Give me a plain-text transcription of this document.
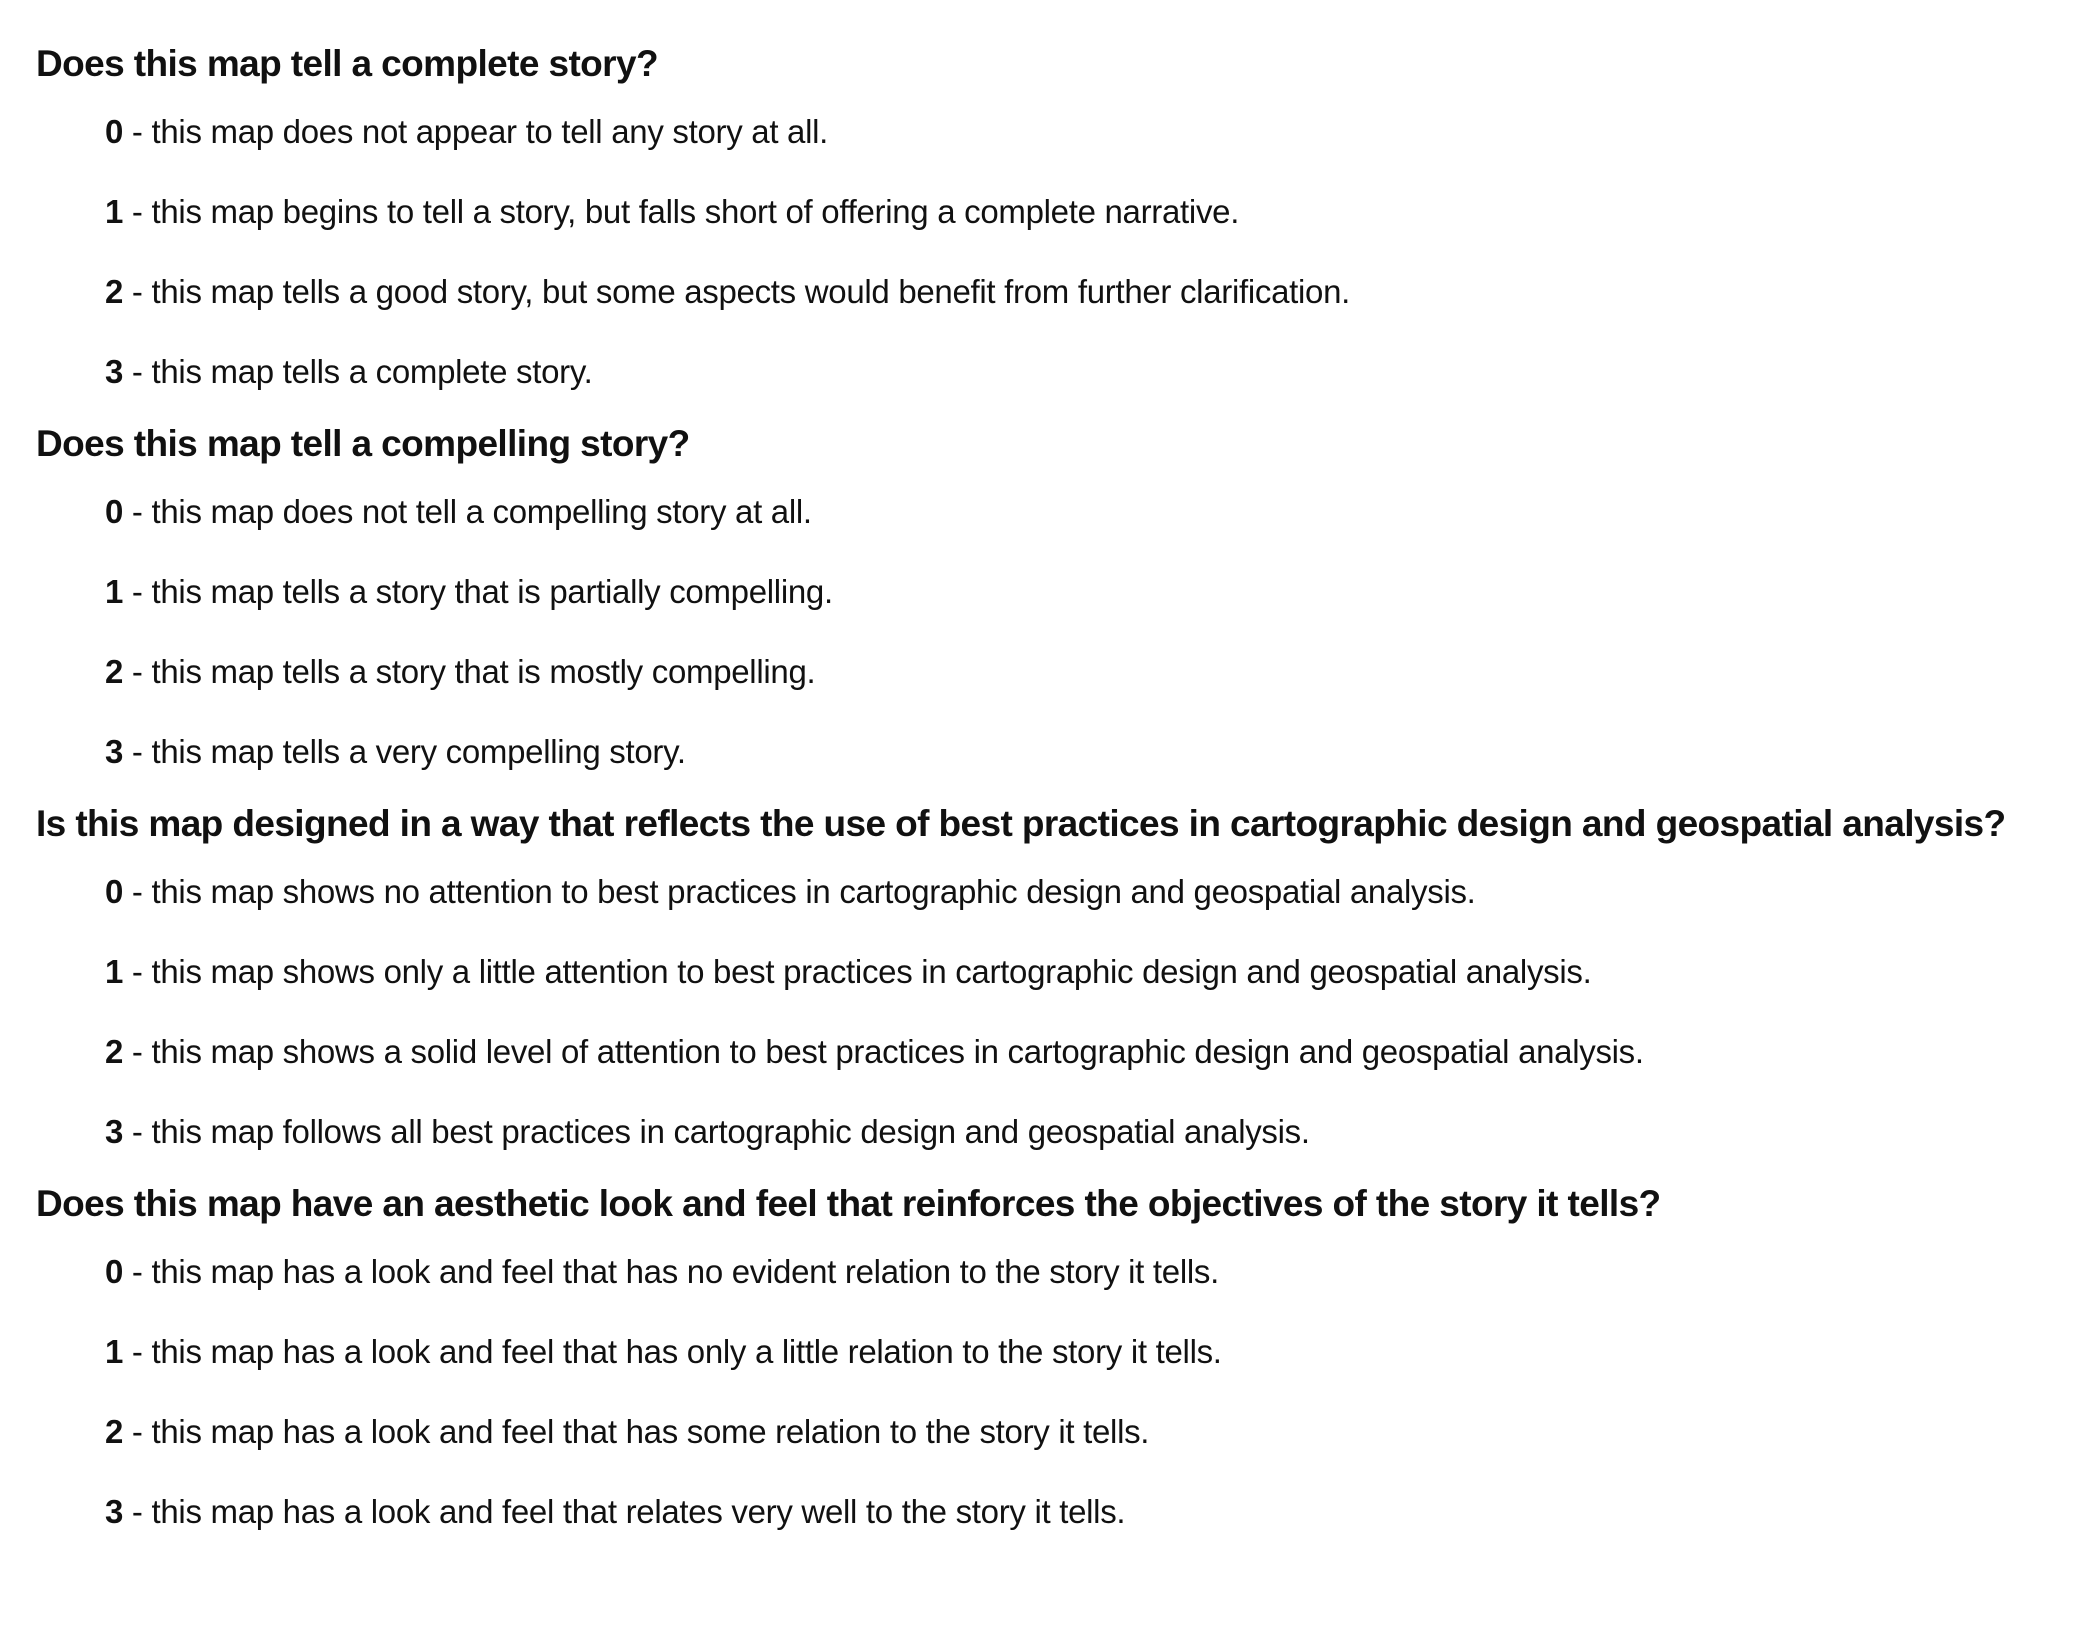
Does this map tell a complete story?
0 - this map does not appear to tell any story at all.
1 - this map begins to tell a story, but falls short of offering a complete narrative.
2 - this map tells a good story, but some aspects would benefit from further clarification.
3 - this map tells a complete story.
Does this map tell a compelling story?
0 - this map does not tell a compelling story at all.
1 - this map tells a story that is partially compelling.
2 - this map tells a story that is mostly compelling.
3 - this map tells a very compelling story.
Is this map designed in a way that reflects the use of best practices in cartographic design and geospatial analysis?
0 - this map shows no attention to best practices in cartographic design and geospatial analysis.
1 - this map shows only a little attention to best practices in cartographic design and geospatial analysis.
2 - this map shows a solid level of attention to best practices in cartographic design and geospatial analysis.
3 - this map follows all best practices in cartographic design and geospatial analysis.
Does this map have an aesthetic look and feel that reinforces the objectives of the story it tells?
0 - this map has a look and feel that has no evident relation to the story it tells.
1 - this map has a look and feel that has only a little relation to the story it tells.
2 - this map has a look and feel that has some relation to the story it tells.
3 - this map has a look and feel that relates very well to the story it tells.
